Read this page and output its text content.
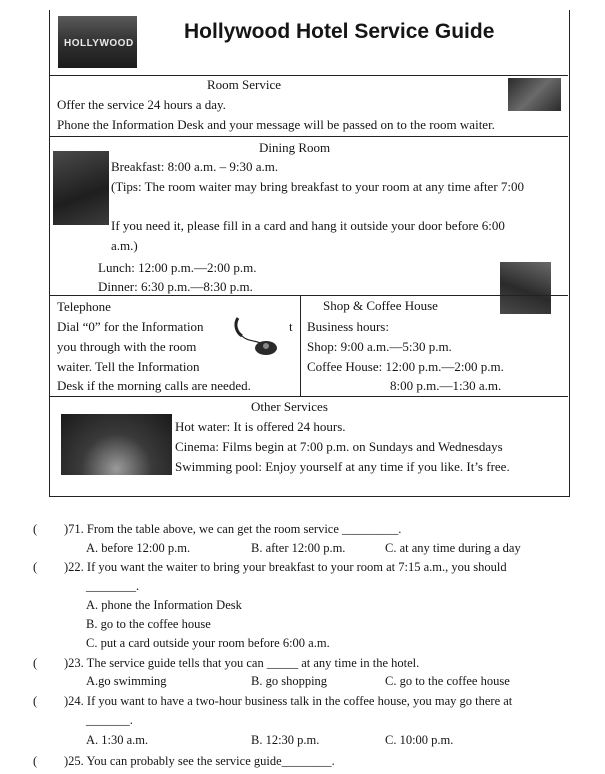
HOLLYWOOD
Hollywood Hotel Service Guide
Room Service
Offer the service 24 hours a day.
Phone the Information Desk and your message will be passed on to the room waiter.
Dining Room
Breakfast: 8:00 a.m. – 9:30 a.m.
(Tips: The room waiter may bring breakfast to your room at any time after 7:00
If you need it, please fill in a card and hang it outside your door before 6:00
a.m.)
Lunch: 12:00 p.m.—2:00 p.m.
Dinner: 6:30 p.m.—8:30 p.m.
Telephone
Dial “0” for the Information
you through with the room
waiter. Tell the Information
Desk if the morning calls are needed.
t
Shop & Coffee House
Business hours:
Shop: 9:00 a.m.—5:30 p.m.
Coffee House: 12:00 p.m.—2:00 p.m.
8:00 p.m.—1:30 a.m.
Other Services
Hot water: It is offered 24 hours.
Cinema: Films begin at 7:00 p.m. on Sundays and Wednesdays
Swimming pool: Enjoy yourself at any time if you like. It’s free.
( )71. From the table above, we can get the room service _________.
A. before 12:00 p.m.	B. after 12:00 p.m.	C. at any time during a day
( )22. If you want the waiter to bring your breakfast to your room at 7:15 a.m., you should
________.
A. phone the Information Desk
B. go to the coffee house
C. put a card outside your room before 6:00 a.m.
( )23. The service guide tells that you can _____ at any time in the hotel.
A.go swimming	B. go shopping	C. go to the coffee house
( )24. If you want to have a two-hour business talk in the coffee house, you may go there at
_______.
A. 1:30 a.m.	B. 12:30 p.m.	C. 10:00 p.m.
( )25. You can probably see the service guide________.
